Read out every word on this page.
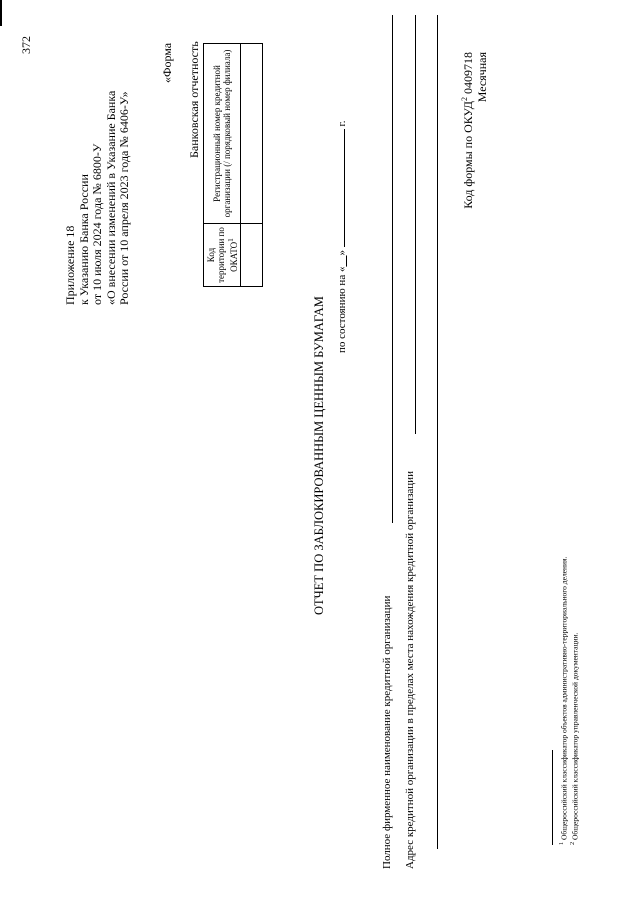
372
Приложение 18 к Указанию Банка России от 10 июля 2024 года № 6800-У «О внесении изменений в Указание Банка России от 10 апреля 2023 года № 6406-У»
«Форма Банковская отчетность
Код территории по ОКАТО$^1$	Регистрационный номер кредитной организации (/ порядковый номер филиала)

ОТЧЕТ ПО ЗАБЛОКИРОВАННЫМ ЦЕННЫМ БУМАГАМ по состоянию на «__»  г.
Полное фирменное наименование кредитной организации Адрес кредитной организации в пределах места нахождения кредитной организации
Код формы по ОКУД$^2$ 0409718 Месячная
$^1$ Общероссийский классификатор объектов административно-территориального деления.
$^2$ Общероссийский классификатор управленческой документации.
